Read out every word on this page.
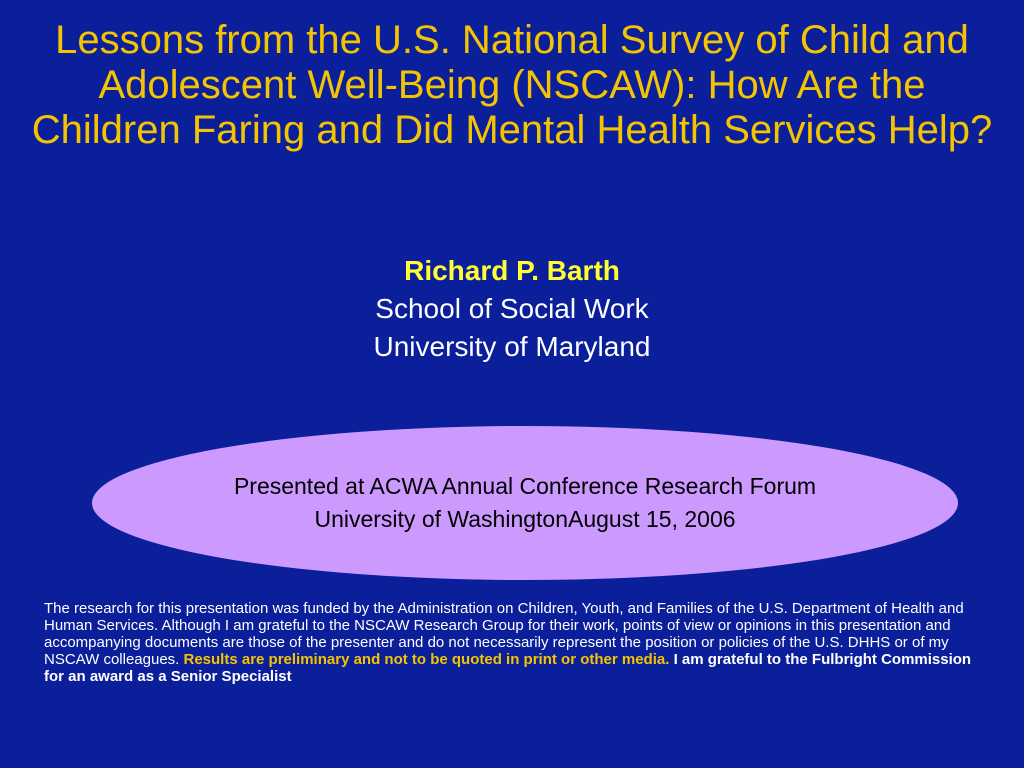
Lessons from the U.S. National Survey of Child and Adolescent Well-Being (NSCAW): How Are the Children Faring and Did Mental Health Services Help?
Richard P. Barth
School of Social Work
University of Maryland
Presented at ACWA Annual Conference Research Forum
University of WashingtonAugust 15, 2006

The research for this presentation was funded by the Administration on Children, Youth, and Families of the U.S. Department of Health and Human Services. Although I am grateful to the NSCAW Research Group for their work, points of view or opinions in this presentation and accompanying documents are those of the presenter and do not necessarily represent the position or policies of the U.S. DHHS or of my NSCAW colleagues. Results are preliminary and not to be quoted in print or other media. I am grateful to the Fulbright Commission for an award as a Senior Specialist
